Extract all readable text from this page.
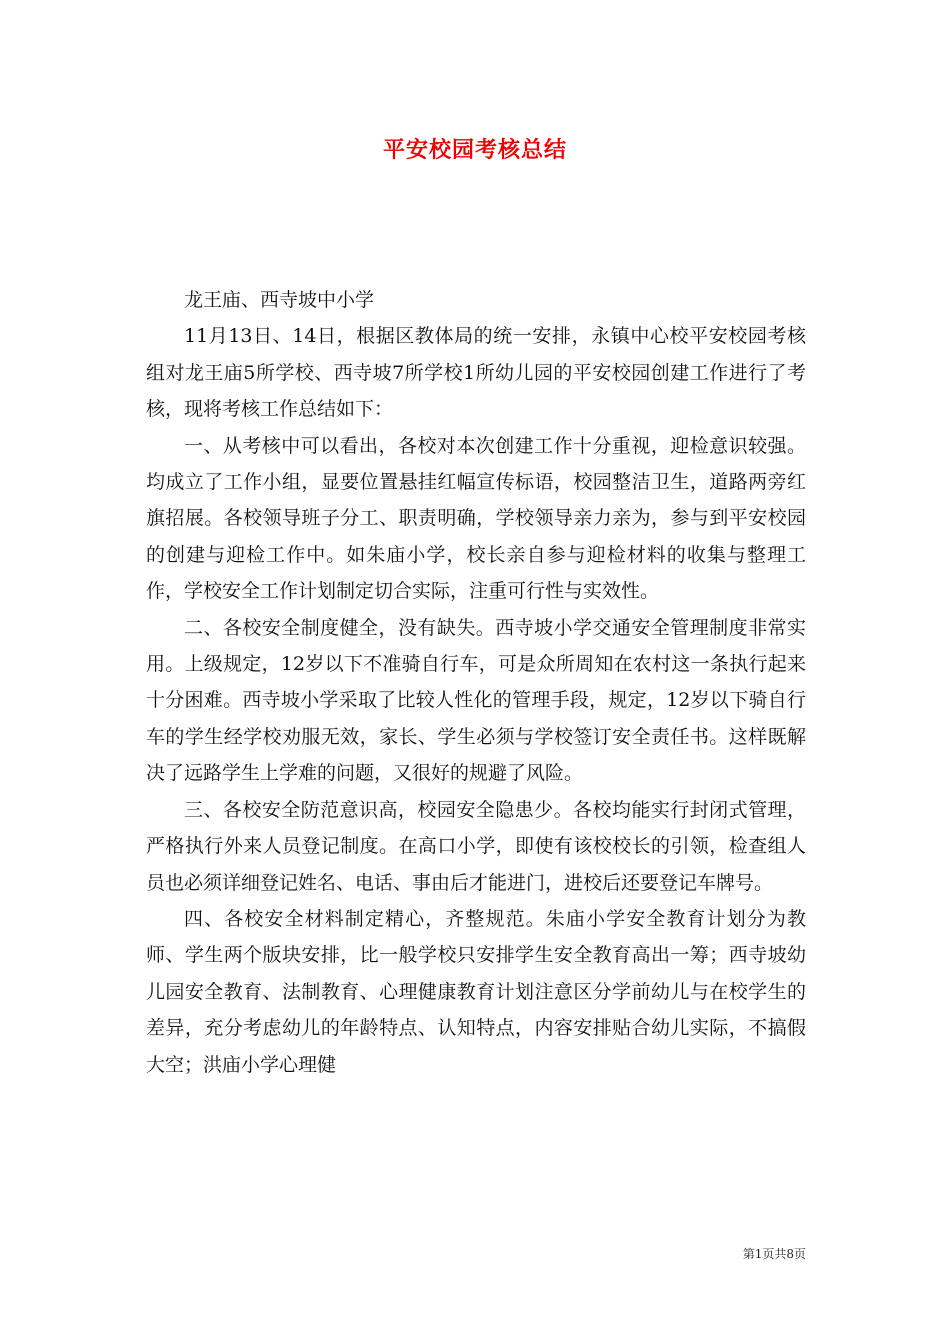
平安校园考核总结

龙王庙、西寺坡中小学

11月13日、14日，根据区教体局的统一安排，永镇中心校平安校园考核组对龙王庙5所学校、西寺坡7所学校1所幼儿园的平安校园创建工作进行了考核，现将考核工作总结如下：

一、从考核中可以看出，各校对本次创建工作十分重视，迎检意识较强。均成立了工作小组，显要位置悬挂红幅宣传标语，校园整洁卫生，道路两旁红旗招展。各校领导班子分工、职责明确，学校领导亲力亲为，参与到平安校园的创建与迎检工作中。如朱庙小学，校长亲自参与迎检材料的收集与整理工作，学校安全工作计划制定切合实际，注重可行性与实效性。

二、各校安全制度健全，没有缺失。西寺坡小学交通安全管理制度非常实用。上级规定，12岁以下不准骑自行车，可是众所周知在农村这一条执行起来十分困难。西寺坡小学采取了比较人性化的管理手段，规定，12岁以下骑自行车的学生经学校劝服无效，家长、学生必须与学校签订安全责任书。这样既解决了远路学生上学难的问题，又很好的规避了风险。

三、各校安全防范意识高，校园安全隐患少。各校均能实行封闭式管理，严格执行外来人员登记制度。在高口小学，即使有该校校长的引领，检查组人员也必须详细登记姓名、电话、事由后才能进门，进校后还要登记车牌号。

四、各校安全材料制定精心，齐整规范。朱庙小学安全教育计划分为教师、学生两个版块安排，比一般学校只安排学生安全教育高出一筹；西寺坡幼儿园安全教育、法制教育、心理健康教育计划注意区分学前幼儿与在校学生的差异，充分考虑幼儿的年龄特点、认知特点，内容安排贴合幼儿实际，不搞假大空；洪庙小学心理健

第1页共8页
